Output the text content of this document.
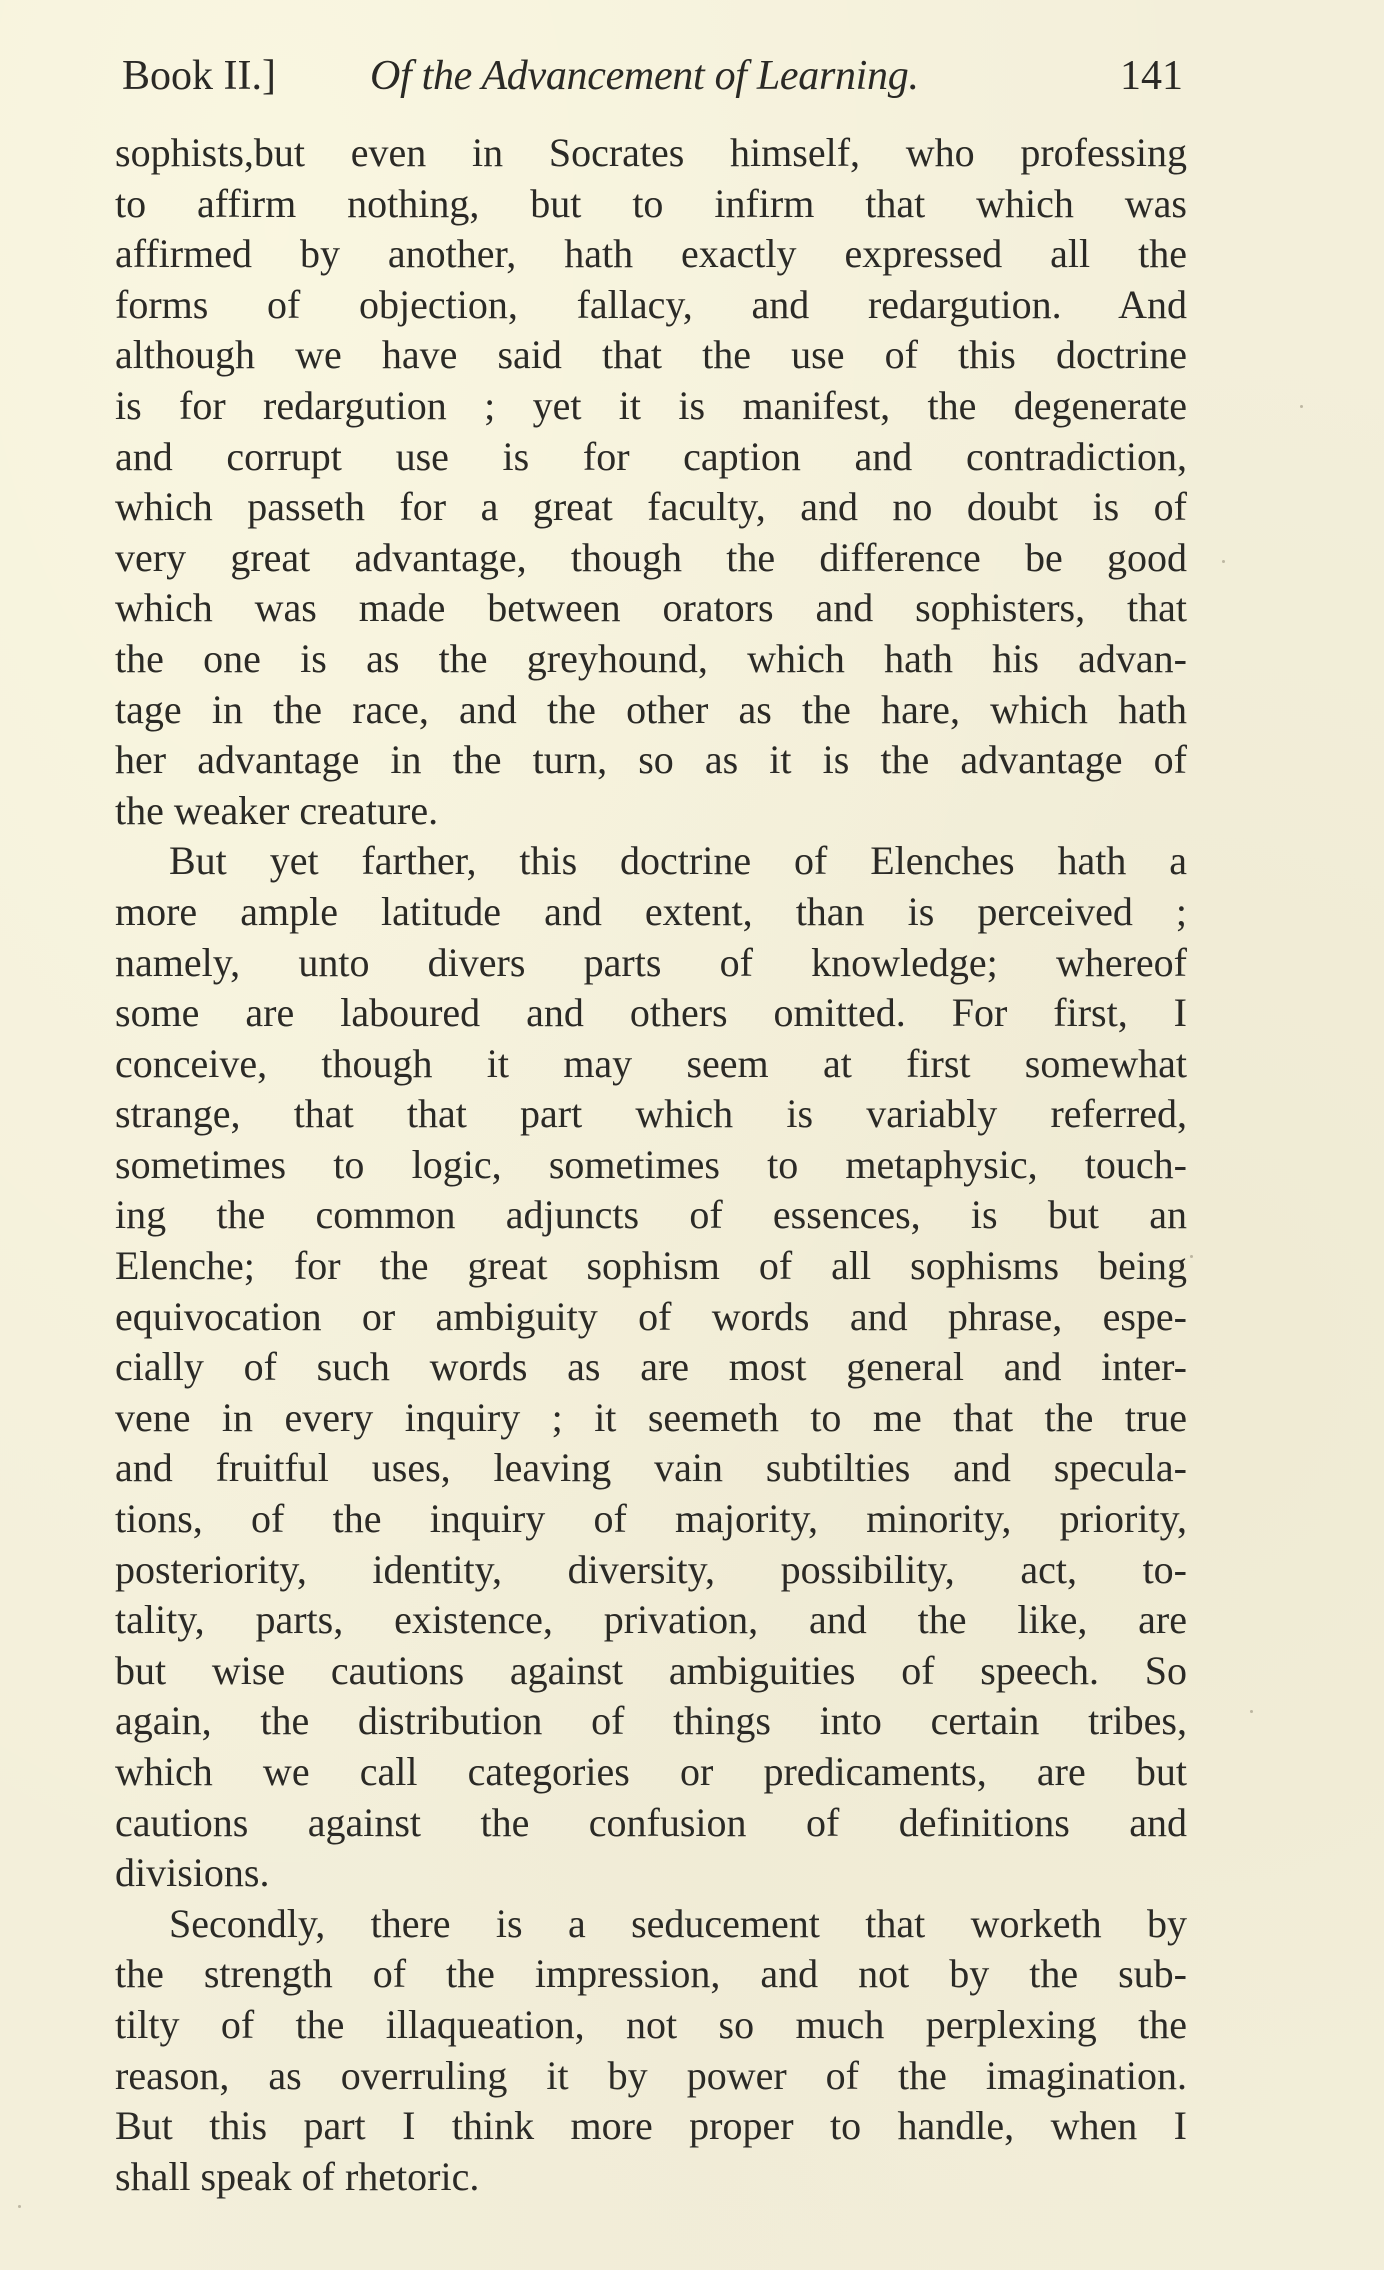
Book II.] Of the Advancement of Learning.	141
sophists,but even in Socrates himself, who professing
to affirm nothing, but to infirm that which was
affirmed by another, hath exactly expressed all the
forms of objection, fallacy, and redargution. And
although we have said that the use of this doctrine
is for redargution ; yet it is manifest, the degenerate
and corrupt use is for caption and contradiction,
which passeth for a great faculty, and no doubt is of
very great advantage, though the difference be good
which was made between orators and sophisters, that
the one is as the greyhound, which hath his advan-
tage in the race, and the other as the hare, which hath
her advantage in the turn, so as it is the advantage of
the weaker creature.
But yet farther, this doctrine of Elenches hath a
more ample latitude and extent, than is perceived ;
namely, unto divers parts of knowledge; whereof
some are laboured and others omitted. For first, I
conceive, though it may seem at first somewhat
strange, that that part which is variably referred,
sometimes to logic, sometimes to metaphysic, touch-
ing the common adjuncts of essences, is but an
Elenche; for the great sophism of all sophisms being
equivocation or ambiguity of words and phrase, espe-
cially of such words as are most general and inter-
vene in every inquiry ; it seemeth to me that the true
and fruitful uses, leaving vain subtilties and specula-
tions, of the inquiry of majority, minority, priority,
posteriority, identity, diversity, possibility, act, to-
tality, parts, existence, privation, and the like, are
but wise cautions against ambiguities of speech. So
again, the distribution of things into certain tribes,
which we call categories or predicaments, are but
cautions against the confusion of definitions and
divisions.
Secondly, there is a seducement that worketh by
the strength of the impression, and not by the sub-
tilty of the illaqueation, not so much perplexing the
reason, as overruling it by power of the imagination.
But this part I think more proper to handle, when I
shall speak of rhetoric.
